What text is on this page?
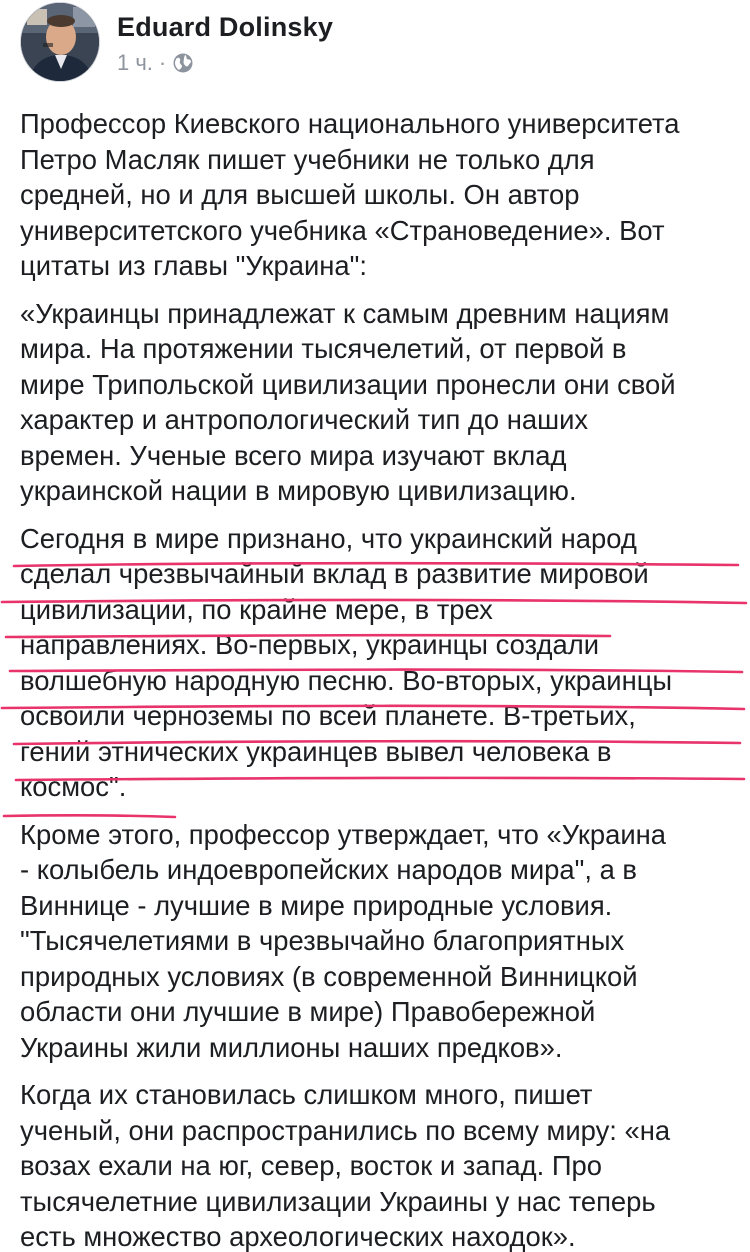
Eduard Dolinsky
1 ч. ·

Профессор Киевского национального университета
Петро Масляк пишет учебники не только для
средней, но и для высшей школы. Он автор
университетского учебника «Страноведение». Вот
цитаты из главы "Украина":

«Украинцы принадлежат к самым древним нациям
мира. На протяжении тысячелетий, от первой в
мире Трипольской цивилизации пронесли они свой
характер и антропологический тип до наших
времен. Ученые всего мира изучают вклад
украинской нации в мировую цивилизацию.

Сегодня в мире признано, что украинский народ
сделал чрезвычайный вклад в развитие мировой
цивилизации, по крайне мере, в трех
направлениях. Во-первых, украинцы создали
волшебную народную песню. Во-вторых, украинцы
освоили черноземы по всей планете. В-третьих,
гений этнических украинцев вывел человека в
космос".

Кроме этого, профессор утверждает, что «Украина
- колыбель индоевропейских народов мира", а в
Виннице - лучшие в мире природные условия.
"Тысячелетиями в чрезвычайно благоприятных
природных условиях (в современной Винницкой
области они лучшие в мире) Правобережной
Украины жили миллионы наших предков».

Когда их становилась слишком много, пишет
ученый, они распространились по всему миру: «на
возах ехали на юг, север, восток и запад. Про
тысячелетние цивилизации Украины у нас теперь
есть множество археологических находок».
